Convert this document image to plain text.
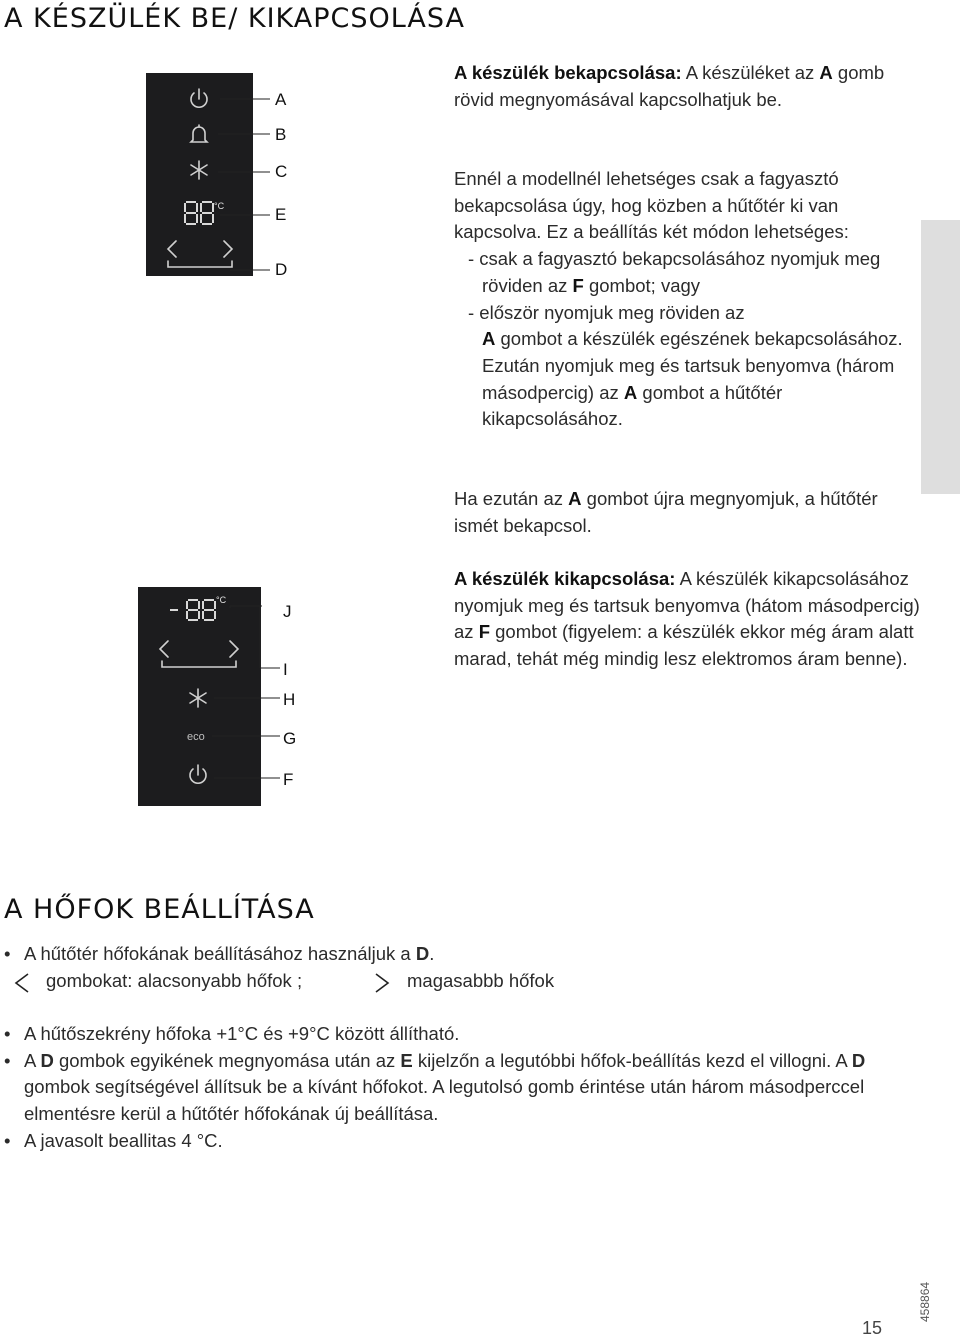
A KÉSZÜLÉK BE/ KIKAPCSOLÁSA
°C
A
B
C
E
D

A készülék bekapcsolása: A készüléket az A gomb rövid megnyomásával kapcsolhatjuk be.

Ennél a modellnél lehetséges csak a fagyasztó bekapcsolása úgy, hog közben a hűtőtér ki van kapcsolva. Ez a beállítás két módon lehetséges:
- csak a fagyasztó bekapcsolásához nyomjuk meg röviden az F gombot; vagy
- először nyomjuk meg röviden az
A gombot a készülék egészének bekapcsolásához. Ezután nyomjuk meg és tartsuk benyomva (három másodpercig) az A gombot a hűtőtér kikapcsolásához.

Ha ezután az A gombot újra megnyomjuk, a hűtőtér ismét bekapcsol.

A készülék kikapcsolása: A készülék kikapcsolásához nyomjuk meg és tartsuk benyomva (hátom másodpercig) az F gombot (figyelem: a készülék ekkor még áram alatt marad, tehát még mindig lesz elektromos áram benne).

°C
eco
J
I
H
G
F
A HŐFOK BEÁLLÍTÁSA
• A hűtőtér hőfokának beállításához használjuk a D.
gombokat: alacsonyabb hőfok ;	magasabbb hőfok
• A hűtőszekrény hőfoka +1°C és +9°C között állítható.
• A D gombok egyikének megnyomása után az E kijelzőn a legutóbbi hőfok-beállítás kezd el villogni. A D gombok segítségével állítsuk be a kívánt hőfokot. A legutolsó gomb érintése után három másodperccel elmentésre kerül a hűtőtér hőfokának új beállítása.
• A javasolt beallitas 4 °C.
15
458864
